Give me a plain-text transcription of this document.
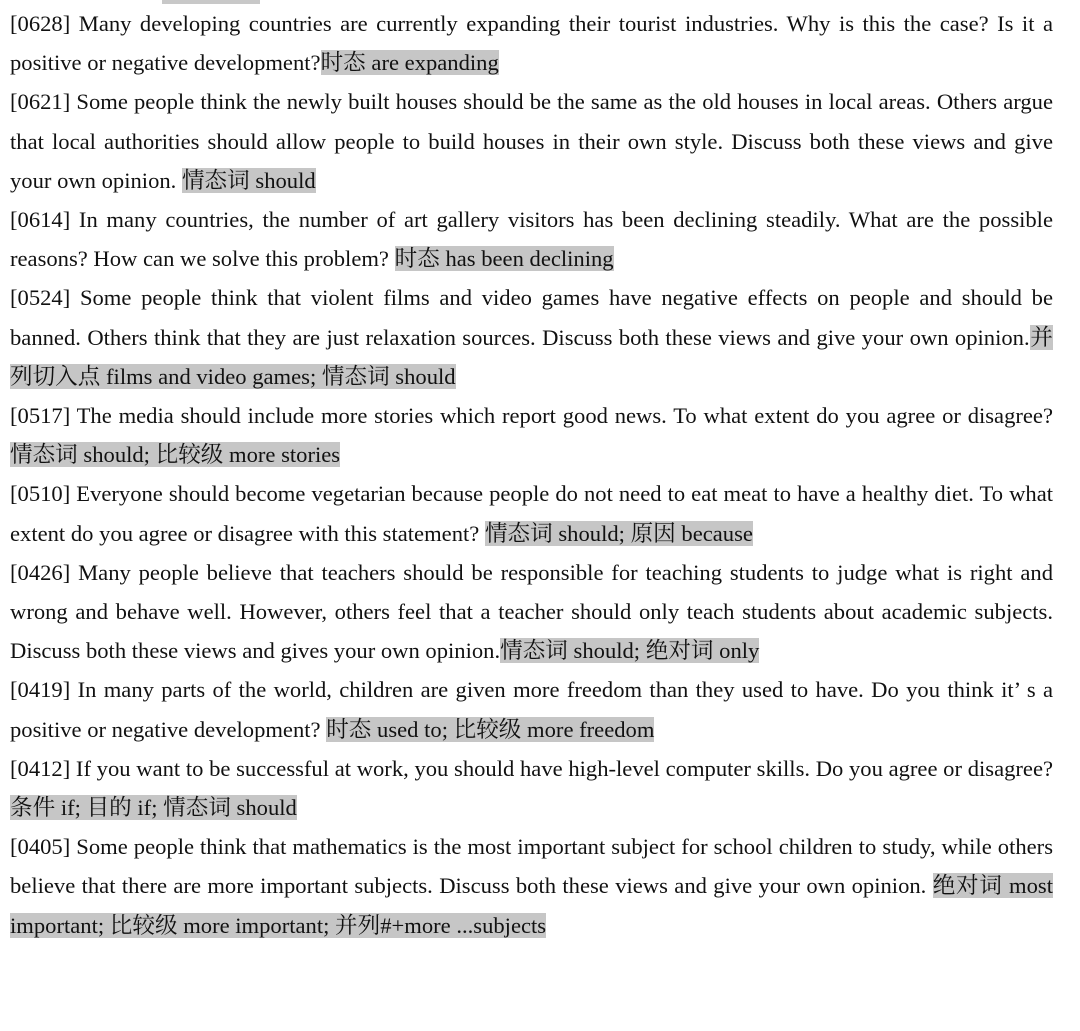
[0628] Many developing countries are currently expanding their tourist industries. Why is this the case? Is it a positive or negative development?时态 are expanding

[0621] Some people think the newly built houses should be the same as the old houses in local areas. Others argue that local authorities should allow people to build houses in their own style. Discuss both these views and give your own opinion. 情态词 should

[0614] In many countries, the number of art gallery visitors has been declining steadily. What are the possible reasons? How can we solve this problem? 时态 has been declining

[0524] Some people think that violent films and video games have negative effects on people and should be banned. Others think that they are just relaxation sources. Discuss both these views and give your own opinion.并列切入点 films and video games; 情态词 should

[0517] The media should include more stories which report good news. To what extent do you agree or disagree? 情态词 should; 比较级 more stories

[0510] Everyone should become vegetarian because people do not need to eat meat to have a healthy diet. To what extent do you agree or disagree with this statement? 情态词 should; 原因 because

[0426] Many people believe that teachers should be responsible for teaching students to judge what is right and wrong and behave well. However, others feel that a teacher should only teach students about academic subjects. Discuss both these views and gives your own opinion.情态词 should; 绝对词 only

[0419] In many parts of the world, children are given more freedom than they used to have. Do you think it’ s a positive or negative development? 时态 used to; 比较级 more freedom

[0412] If you want to be successful at work, you should have high-level computer skills. Do you agree or disagree? 条件 if; 目的 if; 情态词 should

[0405] Some people think that mathematics is the most important subject for school children to study, while others believe that there are more important subjects. Discuss both these views and give your own opinion. 绝对词 most important; 比较级 more important; 并列#+more ...subjects
